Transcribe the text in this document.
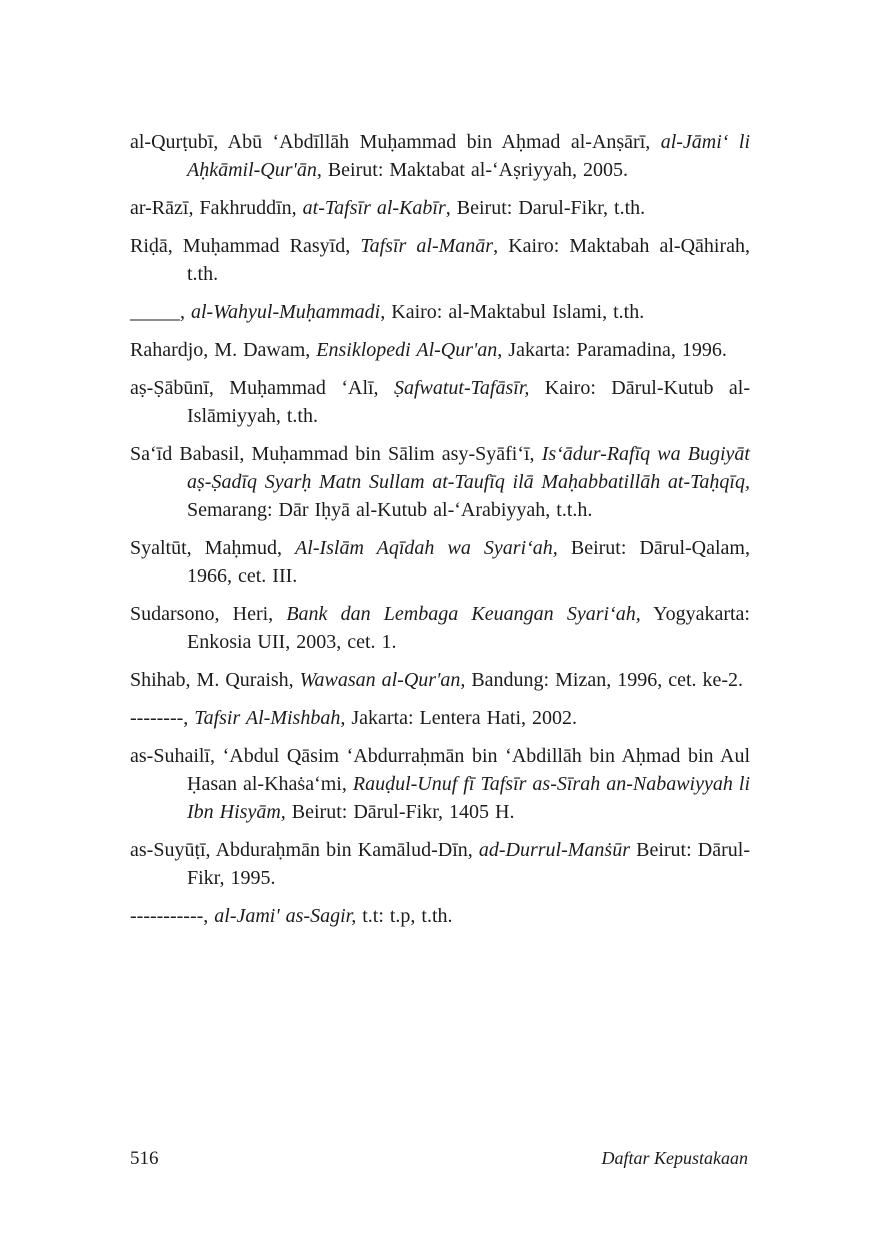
al-Qurṭubī, Abū ʻAbdīllāh Muḥammad bin Aḥmad al-Anṣārī, al-Jāmiʻ li Aḥkāmil-Qur'ān, Beirut: Maktabat al-ʻAṣriyyah, 2005.

ar-Rāzī, Fakhruddīn, at-Tafsīr al-Kabīr, Beirut: Darul-Fikr, t.th.

Riḍā, Muḥammad Rasyīd, Tafsīr al-Manār, Kairo: Maktabah al-Qāhirah, t.th.

_____, al-Wahyul-Muḥammadi, Kairo: al-Maktabul Islami, t.th.

Rahardjo, M. Dawam, Ensiklopedi Al-Qur'an, Jakarta: Paramadina, 1996.

aṣ-Ṣābūnī, Muḥammad ʻAlī, Ṣafwatut-Tafāsīr, Kairo: Dārul-Kutub al-Islāmiyyah, t.th.

Saʻīd Babasil, Muḥammad bin Sālim asy-Syāfiʻī, Isʻādur-Rafīq wa Bugiyāt aṣ-Ṣadīq Syarḥ Matn Sullam at-Taufīq ilā Maḥabbatillāh at-Taḥqīq, Semarang: Dār Iḥyā al-Kutub al-ʻArabiyyah, t.t.h.

Syaltūt, Maḥmud, Al-Islām Aqīdah wa Syariʻah, Beirut: Dārul-Qalam, 1966, cet. III.

Sudarsono, Heri, Bank dan Lembaga Keuangan Syariʻah, Yogyakarta: Enkosia UII, 2003, cet. 1.

Shihab, M. Quraish, Wawasan al-Qur'an, Bandung: Mizan, 1996, cet. ke-2.

--------, Tafsir Al-Mishbah, Jakarta: Lentera Hati, 2002.

as-Suhailī, ʻAbdul Qāsim ʻAbdurraḥmān bin ʻAbdillāh bin Aḥmad bin Aul Ḥasan al-Khaṡaʻmi, Rauḍul-Unuf fī Tafsīr as-Sīrah an-Nabawiyyah li Ibn Hisyām, Beirut: Dārul-Fikr, 1405 H.

as-Suyūṭī, Abduraḥmān bin Kamālud-Dīn, ad-Durrul-Manṡūr Beirut: Dārul-Fikr, 1995.

-----------, al-Jami' as-Sagir, t.t: t.p, t.th.

516	Daftar Kepustakaan
